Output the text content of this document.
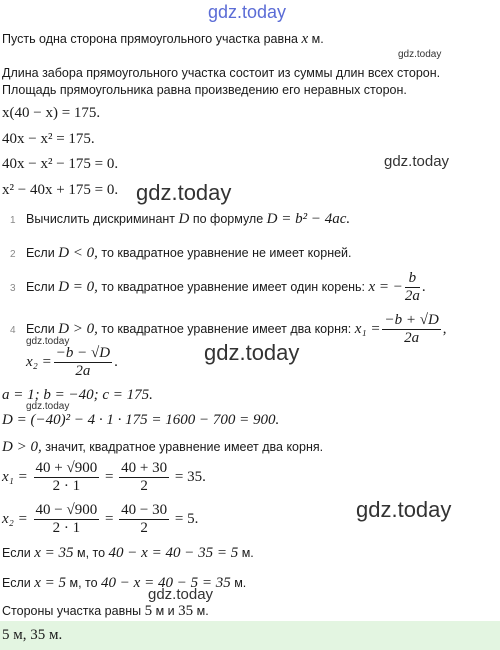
gdz.today
gdz.today
gdz.today
gdz.today
gdz.today	gdz.today
gdz.today
gdz.today
gdz.today
Пусть одна сторона прямоугольного участка равна x м.
Длина забора прямоугольного участка состоит из суммы длин всех сторон.
Площадь прямоугольника равна произведению его неравных сторон.
x(40 − x) = 175.
40x − x² = 175.
40x − x² − 175 = 0.
x² − 40x + 175 = 0.
1 Вычислить дискриминант D по формуле D = b² − 4ac.
2 Если D < 0, то квадратное уравнение не имеет корней.
3 Если D = 0, то квадратное уравнение имеет один корень: x = − $\frac{b}{2a}$ .
4 Если D > 0, то квадратное уравнение имеет два корня: $x_1 = \frac{-b + √D}{2a}$ ,
$x_2 = \frac{-b - √D}{2a}$ .
a = 1; b = −40; c = 175.
D = (−40)² − 4 · 1 · 175 = 1600 − 700 = 900.
D > 0, значит, квадратное уравнение имеет два корня.
$x_1 = \frac{40 + √900}{2 \cdot 1} = \frac{40 + 30}{2} = 35$.
$x_2 = \frac{40 - √900}{2 \cdot 1} = \frac{40 - 30}{2} = 5$.
Если x = 35 м, то 40 − x = 40 − 35 = 5 м.
Если x = 5 м, то 40 − x = 40 − 5 = 35 м.
Стороны участка равны 5 м и 35 м.
5 м, 35 м.
